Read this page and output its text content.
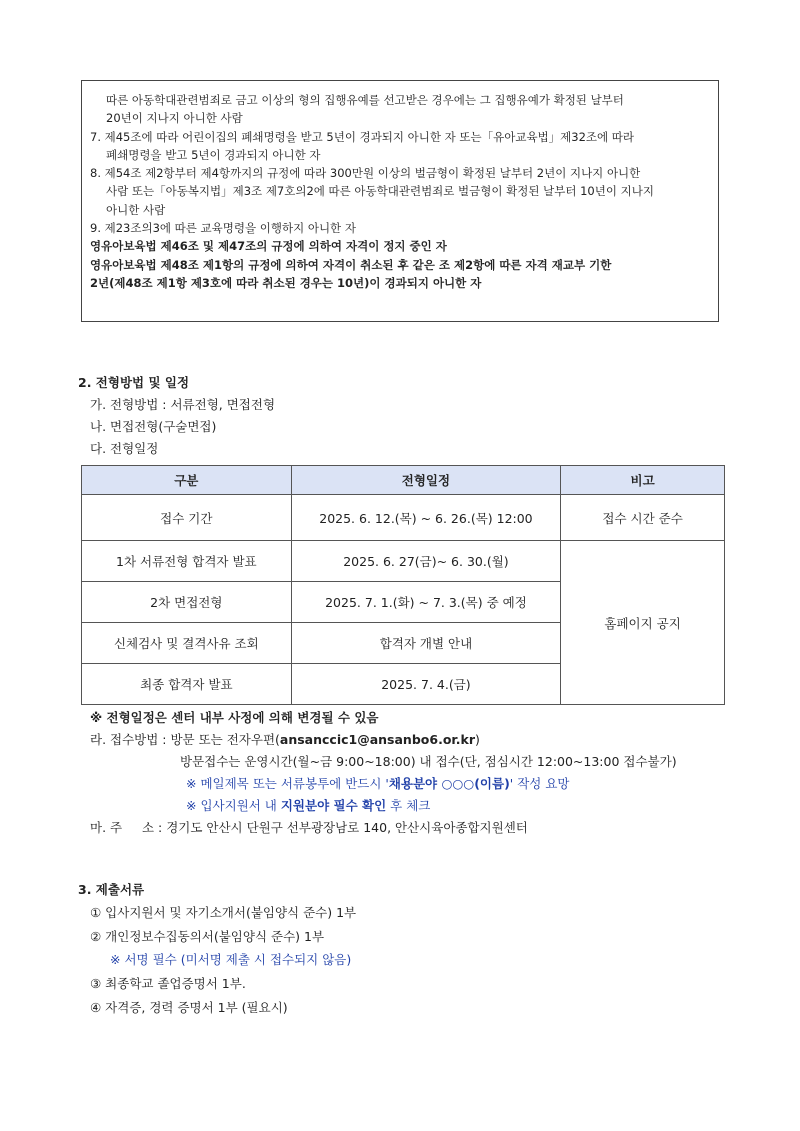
따른 아동학대관련범죄로 금고 이상의 형의 집행유예를 선고받은 경우에는 그 집행유예가 확정된 날부터
20년이 지나지 아니한 사람
7. 제45조에 따라 어린이집의 폐쇄명령을 받고 5년이 경과되지 아니한 자 또는「유아교육법」제32조에 따라
폐쇄명령을 받고 5년이 경과되지 아니한 자
8. 제54조 제2항부터 제4항까지의 규정에 따라 300만원 이상의 벌금형이 확정된 날부터 2년이 지나지 아니한
사람 또는「아동복지법」제3조 제7호의2에 따른 아동학대관련범죄로 벌금형이 확정된 날부터 10년이 지나지
아니한 사람
9. 제23조의3에 따른 교육명령을 이행하지 아니한 자
영유아보육법 제46조 및 제47조의 규정에 의하여 자격이 정지 중인 자
영유아보육법 제48조 제1항의 규정에 의하여 자격이 취소된 후 같은 조 제2항에 따른 자격 재교부 기한
2년(제48조 제1항 제3호에 따라 취소된 경우는 10년)이 경과되지 아니한 자
2. 전형방법 및 일정
가. 전형방법 : 서류전형, 면접전형
나. 면접전형(구술면접)
다. 전형일정
구분	전형일정	비고
접수 기간	2025. 6. 12.(목) ~ 6. 26.(목) 12:00	접수 시간 준수
1차 서류전형 합격자 발표	2025. 6. 27(금)~ 6. 30.(월)	홈페이지 공지
2차 면접전형	2025. 7. 1.(화) ~ 7. 3.(목) 중 예정	
신체검사 및 결격사유 조회	합격자 개별 안내	
최종 합격자 발표	2025. 7. 4.(금)	
※ 전형일정은 센터 내부 사정에 의해 변경될 수 있음
라. 접수방법 : 방문 또는 전자우편(ansanccic1@ansanbo6.or.kr)
방문접수는 운영시간(월~금 9:00~18:00) 내 접수(단, 점심시간 12:00~13:00 접수불가)
※ 메일제목 또는 서류봉투에 반드시 '채용분야 ○○○(이름)' 작성 요망
※ 입사지원서 내 지원분야 필수 확인 후 체크
마. 주     소 : 경기도 안산시 단원구 선부광장남로 140, 안산시육아종합지원센터
3. 제출서류
① 입사지원서 및 자기소개서(붙임양식 준수) 1부
② 개인정보수집동의서(붙임양식 준수) 1부
※ 서명 필수 (미서명 제출 시 접수되지 않음)
③ 최종학교 졸업증명서 1부.
④ 자격증, 경력 증명서 1부 (필요시)
